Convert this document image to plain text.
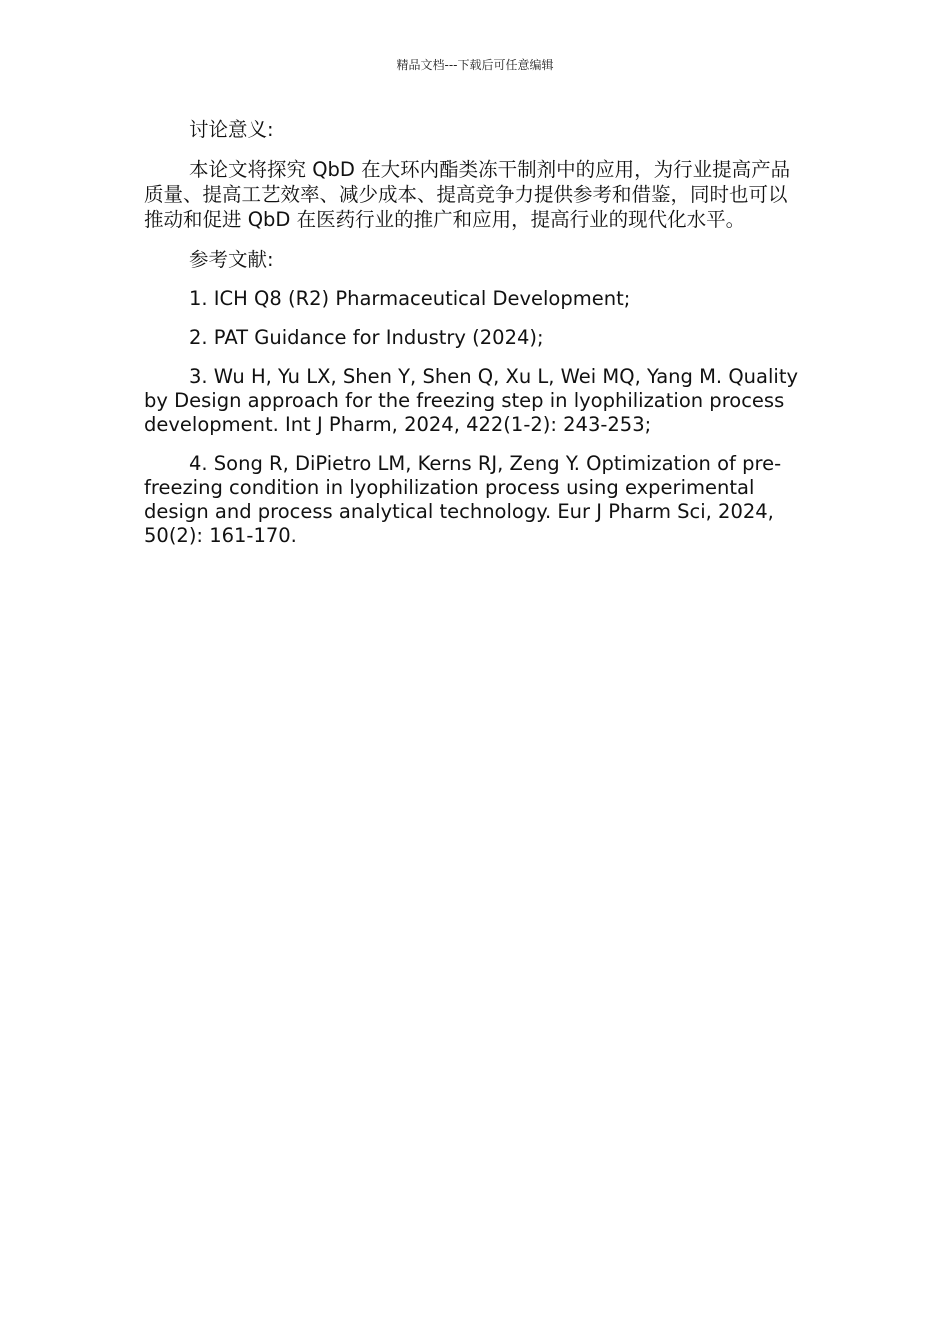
精品文档---下载后可任意编辑

讨论意义:

本论文将探究 QbD 在大环内酯类冻干制剂中的应用，为行业提高产品质量、提高工艺效率、减少成本、提高竞争力提供参考和借鉴，同时也可以推动和促进 QbD 在医药行业的推广和应用，提高行业的现代化水平。

参考文献:

1. ICH Q8 (R2) Pharmaceutical Development;

2. PAT Guidance for Industry (2024);

3. Wu H, Yu LX, Shen Y, Shen Q, Xu L, Wei MQ, Yang M. Quality by Design approach for the freezing step in lyophilization process development. Int J Pharm, 2024, 422(1-2): 243-253;

4. Song R, DiPietro LM, Kerns RJ, Zeng Y. Optimization of pre-freezing condition in lyophilization process using experimental design and process analytical technology. Eur J Pharm Sci, 2024, 50(2): 161-170.
